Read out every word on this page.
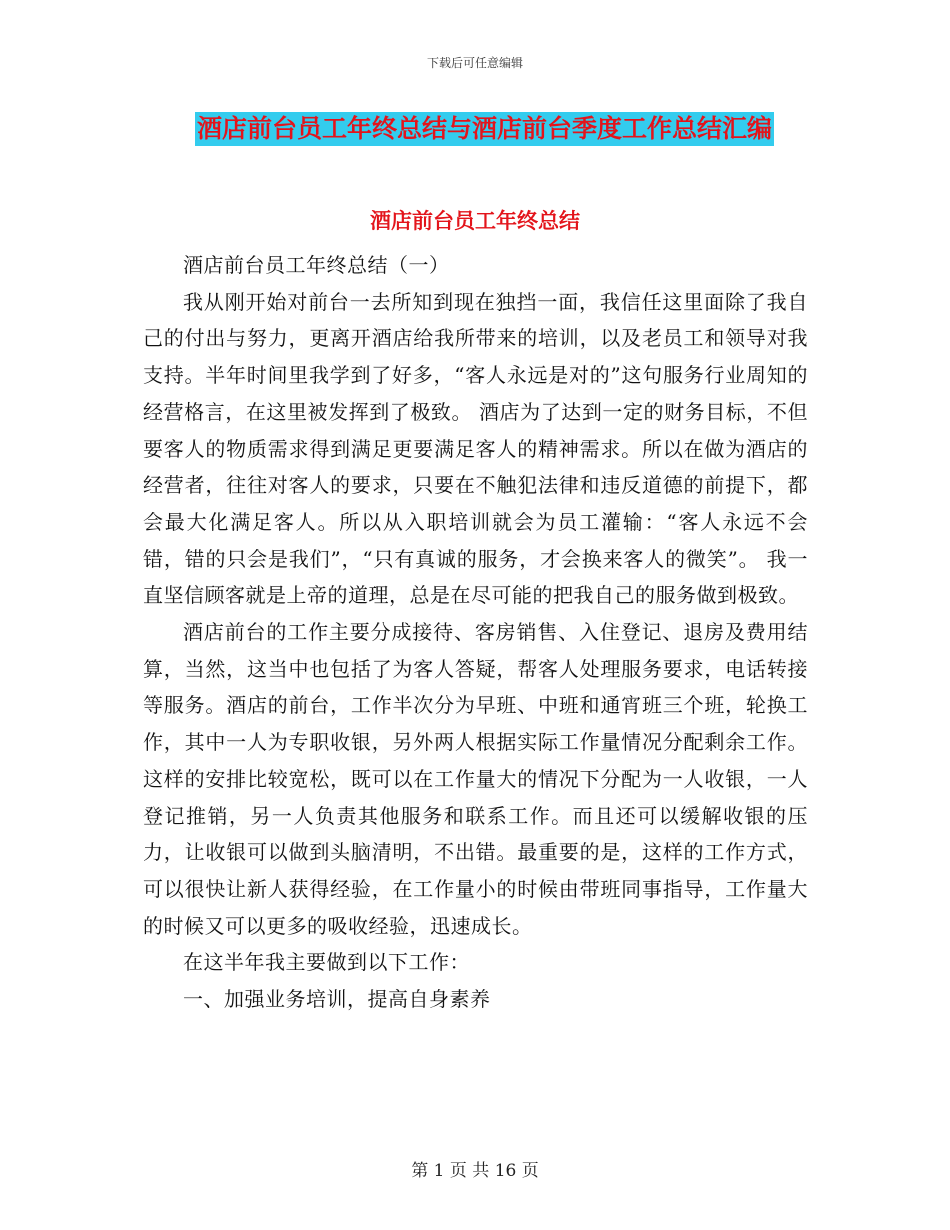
下载后可任意编辑
酒店前台员工年终总结与酒店前台季度工作总结汇编
酒店前台员工年终总结

酒店前台员工年终总结（一）

我从刚开始对前台一去所知到现在独挡一面，我信任这里面除了我自己的付出与努力，更离开酒店给我所带来的培训，以及老员工和领导对我支持。半年时间里我学到了好多，“客人永远是对的”这句服务行业周知的经营格言，在这里被发挥到了极致。 酒店为了达到一定的财务目标，不但要客人的物质需求得到满足更要满足客人的精神需求。所以在做为酒店的经营者，往往对客人的要求，只要在不触犯法律和违反道德的前提下，都会最大化满足客人。所以从入职培训就会为员工灌输：“客人永远不会错，错的只会是我们”，“只有真诚的服务，才会换来客人的微笑”。 我一直坚信顾客就是上帝的道理，总是在尽可能的把我自己的服务做到极致。

酒店前台的工作主要分成接待、客房销售、入住登记、退房及费用结算，当然，这当中也包括了为客人答疑，帮客人处理服务要求，电话转接等服务。酒店的前台，工作半次分为早班、中班和通宵班三个班，轮换工作，其中一人为专职收银，另外两人根据实际工作量情况分配剩余工作。这样的安排比较宽松，既可以在工作量大的情况下分配为一人收银，一人登记推销，另一人负责其他服务和联系工作。而且还可以缓解收银的压力，让收银可以做到头脑清明，不出错。最重要的是，这样的工作方式，可以很快让新人获得经验，在工作量小的时候由带班同事指导，工作量大的时候又可以更多的吸收经验，迅速成长。

在这半年我主要做到以下工作：

一、加强业务培训，提高自身素养

第 1 页 共 16 页
